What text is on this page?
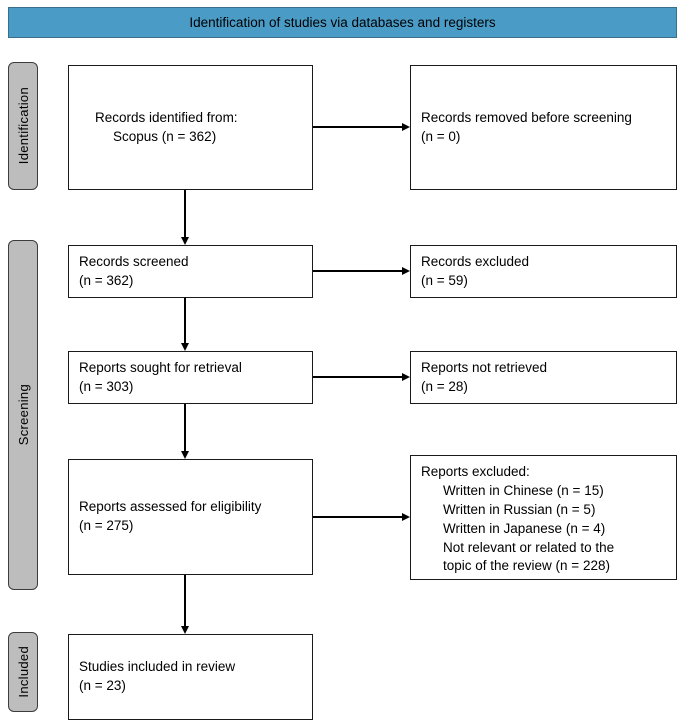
Identification of studies via databases and registers
Identification
Screening
Included
Records identified from:
Scopus (n = 362)
Records removed before screening
(n = 0)
Records screened
(n = 362)
Records excluded
(n = 59)
Reports sought for retrieval
(n = 303)
Reports not retrieved
(n = 28)
Reports assessed for eligibility
(n = 275)
Reports excluded:
Written in Chinese (n = 15)
Written in Russian (n = 5)
Written in Japanese (n = 4)
Not relevant or related to the
topic of the review (n = 228)
Studies included in review
(n = 23)
